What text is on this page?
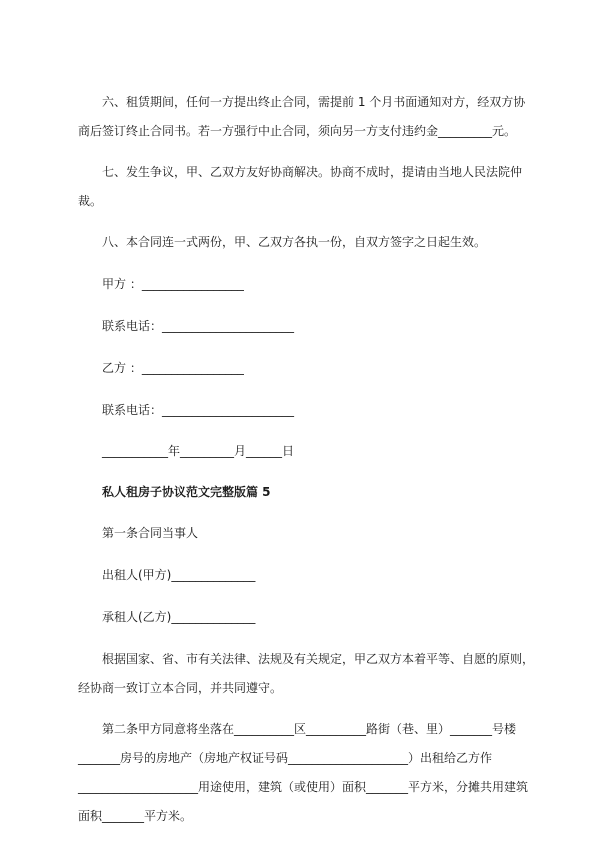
六、租赁期间，任何一方提出终止合同，需提前 1 个月书面通知对方，经双方协
商后签订终止合同书。若一方强行中止合同，须向另一方支付违约金_________元。
七、发生争议，甲、乙双方友好协商解决。协商不成时，提请由当地人民法院仲
裁。
八、本合同连一式两份，甲、乙双方各执一份，自双方签字之日起生效。
甲方 ：_________________
联系电话：______________________
乙方 ：_________________
联系电话：______________________
___________年_________月______日
私人租房子协议范文完整版篇 5
第一条合同当事人
出租人(甲方)______________
承租人(乙方)______________
根据国家、省、市有关法律、法规及有关规定，甲乙双方本着平等、自愿的原则，
经协商一致订立本合同，并共同遵守。
第二条甲方同意将坐落在__________区__________路街（巷、里）_______号楼
_______房号的房地产（房地产权证号码____________________）出租给乙方作
____________________用途使用，建筑（或使用）面积_______平方米，分摊共用建筑
面积_______平方米。
